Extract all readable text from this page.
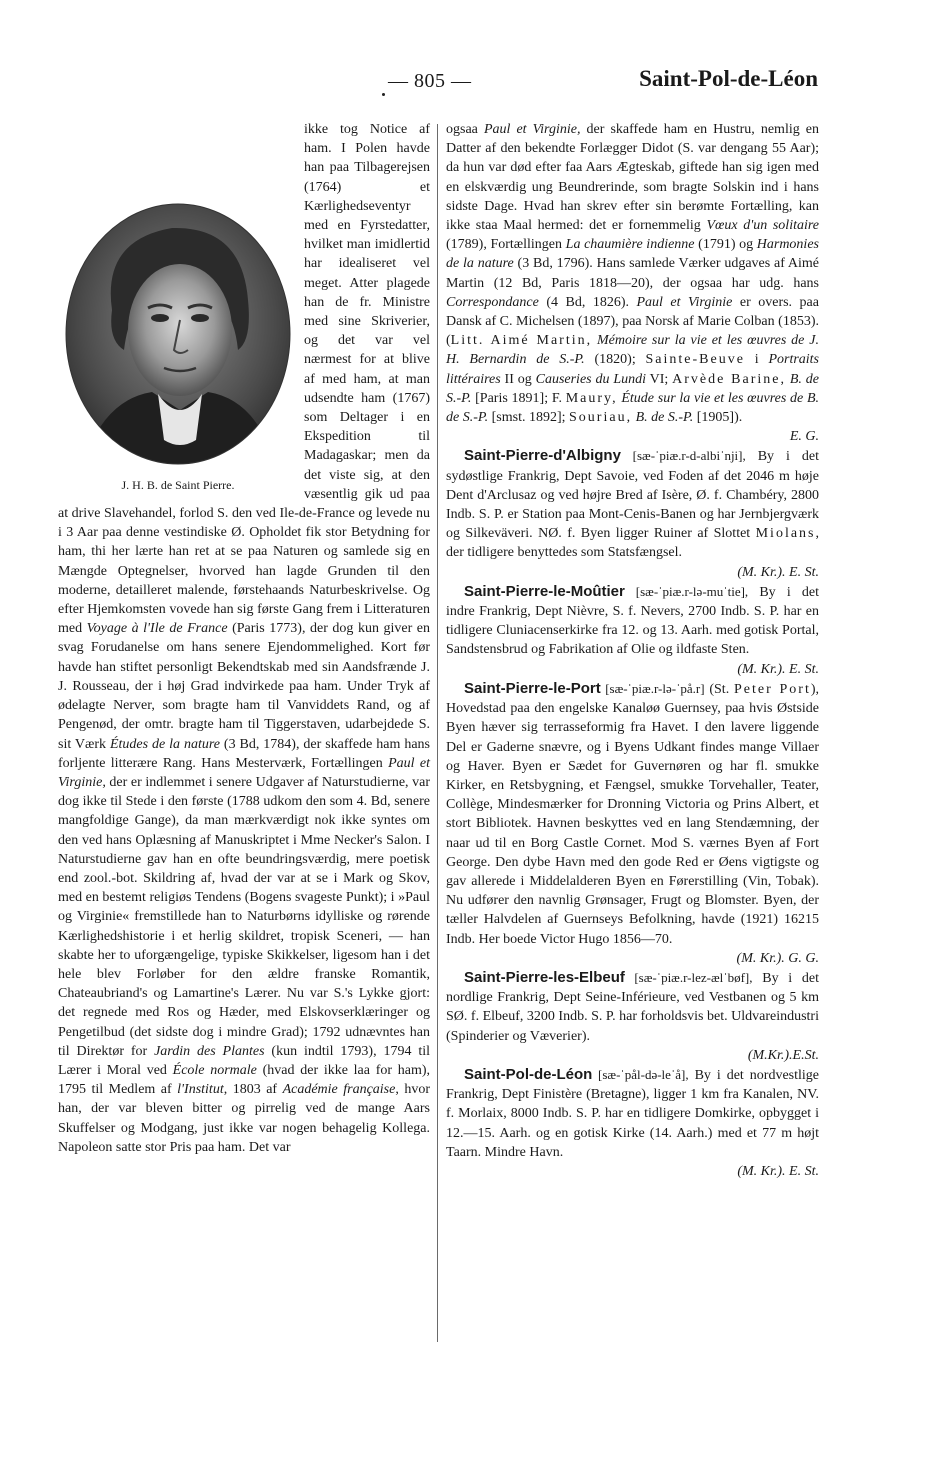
— 805 —	Saint-Pol-de-Léon

J. H. B. de Saint Pierre.
ikke tog Notice af ham. I Polen havde han paa Tilbagerejsen (1764) et Kærlighedseventyr med en Fyrstedatter, hvilket man imidlertid har idealiseret vel meget. Atter plagede han de fr. Ministre med sine Skriverier, og det var vel nærmest for at blive af med ham, at man udsendte ham (1767) som Deltager i en Ekspedition til Madagaskar; men da det viste sig, at den væsentlig gik ud paa at drive Slavehandel, forlod S. den ved Ile-de-France og levede nu i 3 Aar paa denne vestindiske Ø. Opholdet fik stor Betydning for ham, thi her lærte han ret at se paa Naturen og samlede sig en Mængde Optegnelser, hvorved han lagde Grunden til den moderne, detailleret malende, førstehaands Naturbeskrivelse. Og efter Hjemkomsten vovede han sig første Gang frem i Litteraturen med Voyage à l'Ile de France (Paris 1773), der dog kun giver en svag Forudanelse om hans senere Ejendommelighed. Kort før havde han stiftet personligt Bekendtskab med sin Aandsfrænde J. J. Rousseau, der i høj Grad indvirkede paa ham. Under Tryk af ødelagte Nerver, som bragte ham til Vanviddets Rand, og af Pengenød, der omtr. bragte ham til Tiggerstaven, udarbejdede S. sit Værk Études de la nature (3 Bd, 1784), der skaffede ham hans forljente litterære Rang. Hans Mesterværk, Fortællingen Paul et Virginie, der er indlemmet i senere Udgaver af Naturstudierne, var dog ikke til Stede i den første (1788 udkom den som 4. Bd, senere mangfoldige Gange), da man mærkværdigt nok ikke syntes om den ved hans Oplæsning af Manuskriptet i Mme Necker's Salon. I Naturstudierne gav han en ofte beundringsværdig, mere poetisk end zool.-bot. Skildring af, hvad der var at se i Mark og Skov, med en bestemt religiøs Tendens (Bogens svageste Punkt); i »Paul og Virginie« fremstillede han to Naturbørns idylliske og rørende Kærlighedshistorie i et herlig skildret, tropisk Sceneri, — han skabte her to uforgængelige, typiske Skikkelser, ligesom han i det hele blev Forløber for den ældre franske Romantik, Chateaubriand's og Lamartine's Lærer. Nu var S.'s Lykke gjort: det regnede med Ros og Hæder, med Elskovserklæringer og Pengetilbud (det sidste dog i mindre Grad); 1792 udnævntes han til Direktør for Jardin des Plantes (kun indtil 1793), 1794 til Lærer i Moral ved École normale (hvad der ikke laa for ham), 1795 til Medlem af l'Institut, 1803 af Académie française, hvor han, der var bleven bitter og pirrelig ved de mange Aars Skuffelser og Modgang, just ikke var nogen behagelig Kollega. Napoleon satte stor Pris paa ham. Det var

ogsaa Paul et Virginie, der skaffede ham en Hustru, nemlig en Datter af den bekendte Forlægger Didot (S. var dengang 55 Aar); da hun var død efter faa Aars Ægteskab, giftede han sig igen med en elskværdig ung Beundrerinde, som bragte Solskin ind i hans sidste Dage. Hvad han skrev efter sin berømte Fortælling, kan ikke staa Maal hermed: det er fornemmelig Vœux d'un solitaire (1789), Fortællingen La chaumière indienne (1791) og Harmonies de la nature (3 Bd, 1796). Hans samlede Værker udgaves af Aimé Martin (12 Bd, Paris 1818—20), der ogsaa har udg. hans Correspondance (4 Bd, 1826). Paul et Virginie er overs. paa Dansk af C. Michelsen (1897), paa Norsk af Marie Colban (1853). (Litt. Aimé Martin, Mémoire sur la vie et les œuvres de J. H. Bernardin de S.-P. (1820); Sainte-Beuve i Portraits littéraires II og Causeries du Lundi VI; Arvède Barine, B. de S.-P. [Paris 1891]; F. Maury, Étude sur la vie et les œuvres de B. de S.-P. [smst. 1892]; Souriau, B. de S.-P. [1905]).
E. G.

Saint-Pierre-d'Albigny [sæ-ˈpiæ.r-d-albiˈnji], By i det sydøstlige Frankrig, Dept Savoie, ved Foden af det 2046 m høje Dent d'Arclusaz og ved højre Bred af Isère, Ø. f. Chambéry, 2800 Indb. S. P. er Station paa Mont-Cenis-Banen og har Jernbjergværk og Silkeväveri. NØ. f. Byen ligger Ruiner af Slottet Miolans, der tidligere benyttedes som Statsfængsel.
(M. Kr.). E. St.

Saint-Pierre-le-Moûtier [sæ-ˈpiæ.r-lə-muˈtie], By i det indre Frankrig, Dept Nièvre, S. f. Nevers, 2700 Indb. S. P. har en tidligere Cluniacenserkirke fra 12. og 13. Aarh. med gotisk Portal, Sandstensbrud og Fabrikation af Olie og ildfaste Sten.
(M. Kr.). E. St.

Saint-Pierre-le-Port [sæ-ˈpiæ.r-lə-ˈpå.r] (St. Peter Port), Hovedstad paa den engelske Kanaløø Guernsey, paa hvis Østside Byen hæver sig terrasseformig fra Havet. I den lavere liggende Del er Gaderne snævre, og i Byens Udkant findes mange Villaer og Haver. Byen er Sædet for Guvernøren og har fl. smukke Kirker, en Retsbygning, et Fængsel, smukke Torvehaller, Teater, Collège, Mindesmærker for Dronning Victoria og Prins Albert, et stort Bibliotek. Havnen beskyttes ved en lang Stendæmning, der naar ud til en Borg Castle Cornet. Mod S. værnes Byen af Fort George. Den dybe Havn med den gode Red er Øens vigtigste og gav allerede i Middelalderen Byen en Førerstilling (Vin, Tobak). Nu udfører den navnlig Grønsager, Frugt og Blomster. Byen, der tæller Halvdelen af Guernseys Befolkning, havde (1921) 16215 Indb. Her boede Victor Hugo 1856—70.
(M. Kr.). G. G.

Saint-Pierre-les-Elbeuf [sæ-ˈpiæ.r-lez-ælˈbøf], By i det nordlige Frankrig, Dept Seine-Inférieure, ved Vestbanen og 5 km SØ. f. Elbeuf, 3200 Indb. S. P. har forholdsvis bet. Uldvareindustri (Spinderier og Væverier).
(M.Kr.).E.St.

Saint-Pol-de-Léon [sæ-ˈpål-də-leˈå], By i det nordvestlige Frankrig, Dept Finistère (Bretagne), ligger 1 km fra Kanalen, NV. f. Morlaix, 8000 Indb. S. P. har en tidligere Domkirke, opbygget i 12.—15. Aarh. og en gotisk Kirke (14. Aarh.) med et 77 m højt Taarn. Mindre Havn.
(M. Kr.). E. St.
